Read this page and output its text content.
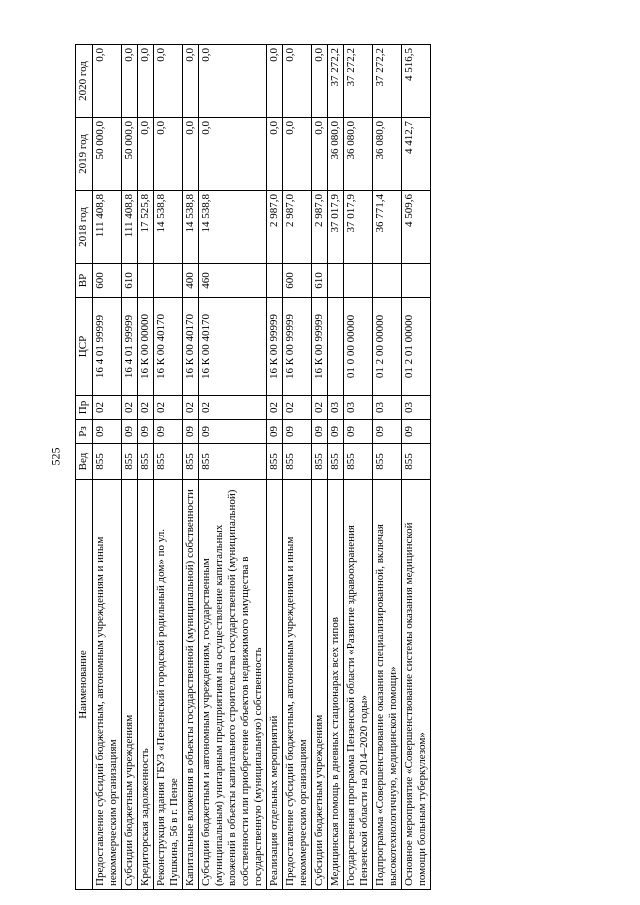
525
Наименование	Вед	Рз	Пр	ЦСР	ВР	2018 год	2019 год	2020 год
Предоставление субсидий бюджетным, автономным учреждениям и иным некоммерческим организациям	855	09	02	16 4 01 99999	600	111 408,8	50 000,0	0,0
Субсидии бюджетным учреждениям	855	09	02	16 4 01 99999	610	111 408,8	50 000,0	0,0
Кредиторская задолженность	855	09	02	16 К 00 00000		17 525,8	0,0	0,0
Реконструкция здания ГБУЗ «Пензенский городской родильный дом» по ул. Пушкина, 56 в г. Пензе	855	09	02	16 К 00 40170		14 538,8	0,0	0,0
Капитальные вложения в объекты государственной (муниципальной) собственности	855	09	02	16 К 00 40170	400	14 538,8	0,0	0,0
Субсидии бюджетным и автономным учреждениям, государственным (муниципальным) унитарным предприятиям на осуществление капитальных вложений в объекты капитального строительства государственной (муниципальной) собственности или приобретение объектов недвижимого имущества в государственную (муниципальную) собственность	855	09	02	16 К 00 40170	460	14 538,8	0,0	0,0
Реализация отдельных мероприятий	855	09	02	16 К 00 99999		2 987,0	0,0	0,0
Предоставление субсидий бюджетным, автономным учреждениям и иным некоммерческим организациям	855	09	02	16 К 00 99999	600	2 987,0	0,0	0,0
Субсидии бюджетным учреждениям	855	09	02	16 К 00 99999	610	2 987,0	0,0	0,0
Медицинская помощь в дневных стационарах всех типов	855	09	03			37 017,9	36 080,0	37 272,2
Государственная программа Пензенской области «Развитие здравоохранения Пензенской области на 2014–2020 годы»	855	09	03	01 0 00 00000		37 017,9	36 080,0	37 272,2
Подпрограмма «Совершенствование оказания специализированной, включая высокотехнологичную, медицинской помощи»	855	09	03	01 2 00 00000		36 771,4	36 080,0	37 272,2
Основное мероприятие «Совершенствование системы оказания медицинской помощи больным туберкулезом»	855	09	03	01 2 01 00000		4 509,6	4 412,7	4 516,5
